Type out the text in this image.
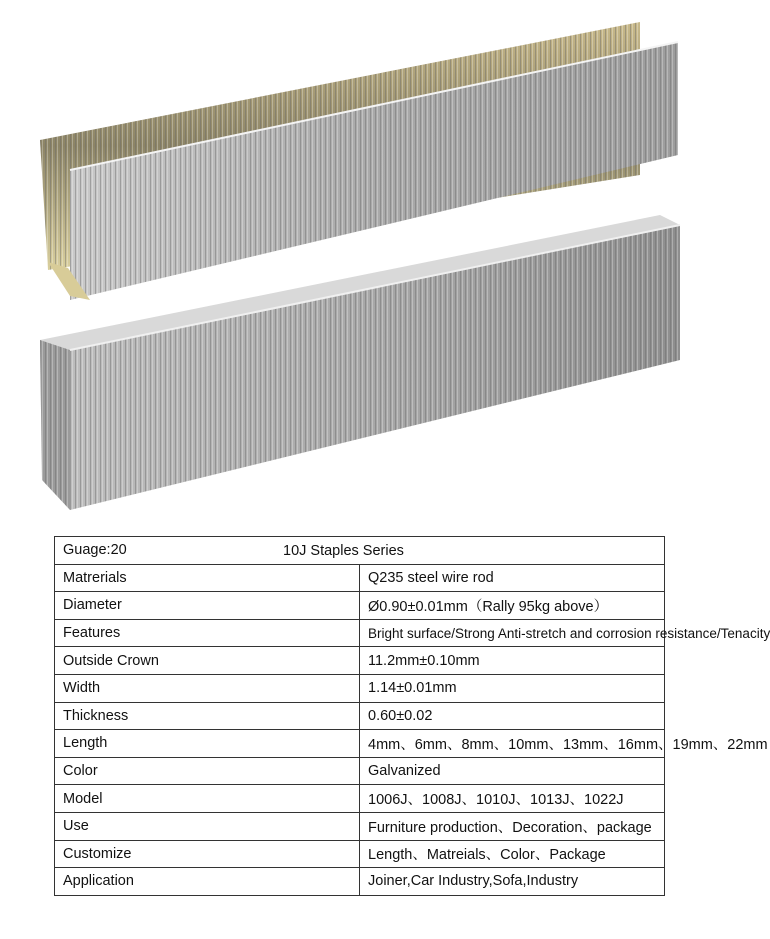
Guage:20 10J Staples Series	

Matrerials	Q235 steel wire rod
Diameter	Ø0.90±0.01mm（Rally 95kg above）
Features	Bright surface/Strong Anti-stretch and corrosion resistance/Tenacity
Outside Crown	11.2mm±0.10mm
Width	1.14±0.01mm
Thickness	0.60±0.02
Length	4mm、6mm、8mm、10mm、13mm、16mm、19mm、22mm
Color	Galvanized
Model	1006J、1008J、1010J、1013J、1022J
Use	Furniture production、Decoration、package
Customize	Length、Matreials、Color、Package
Application	Joiner,Car Industry,Sofa,Industry
